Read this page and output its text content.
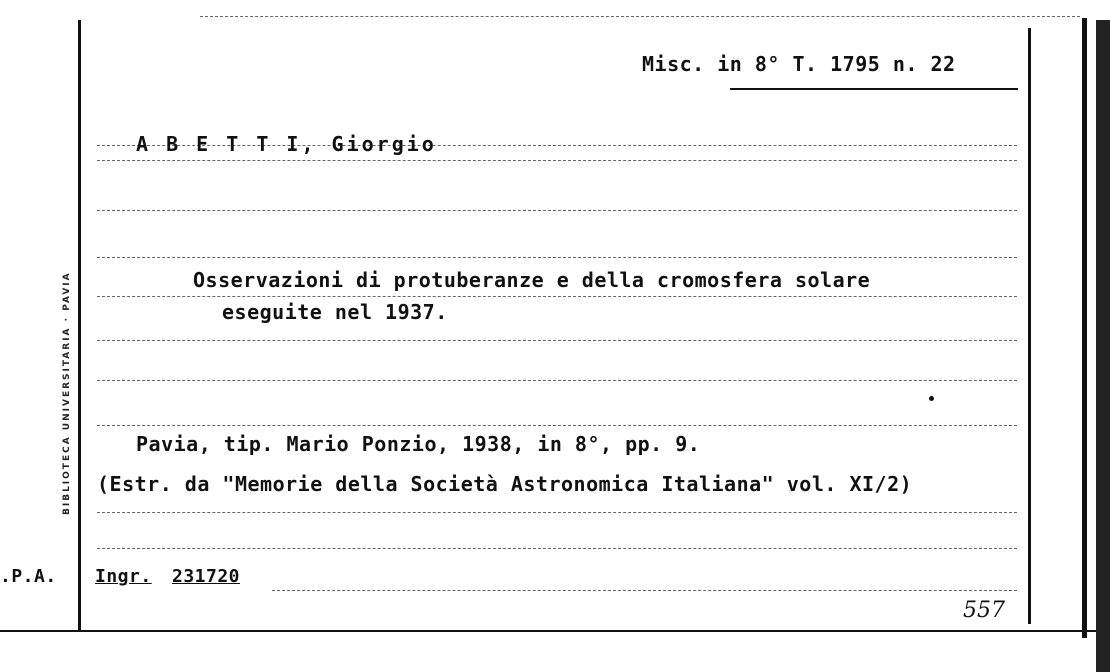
BIBLIOTECA UNIVERSITARIA · PAVIA
Misc. in 8° T. 1795 n. 22
A B E T T I, Giorgio
Osservazioni di protuberanze e della cromosfera solare
eseguite nel 1937.
Pavia, tip. Mario Ponzio, 1938, in 8°, pp. 9.
(Estr. da "Memorie della Società Astronomica Italiana" vol. XI/2)
.P.A. Ingr. 231720
557
